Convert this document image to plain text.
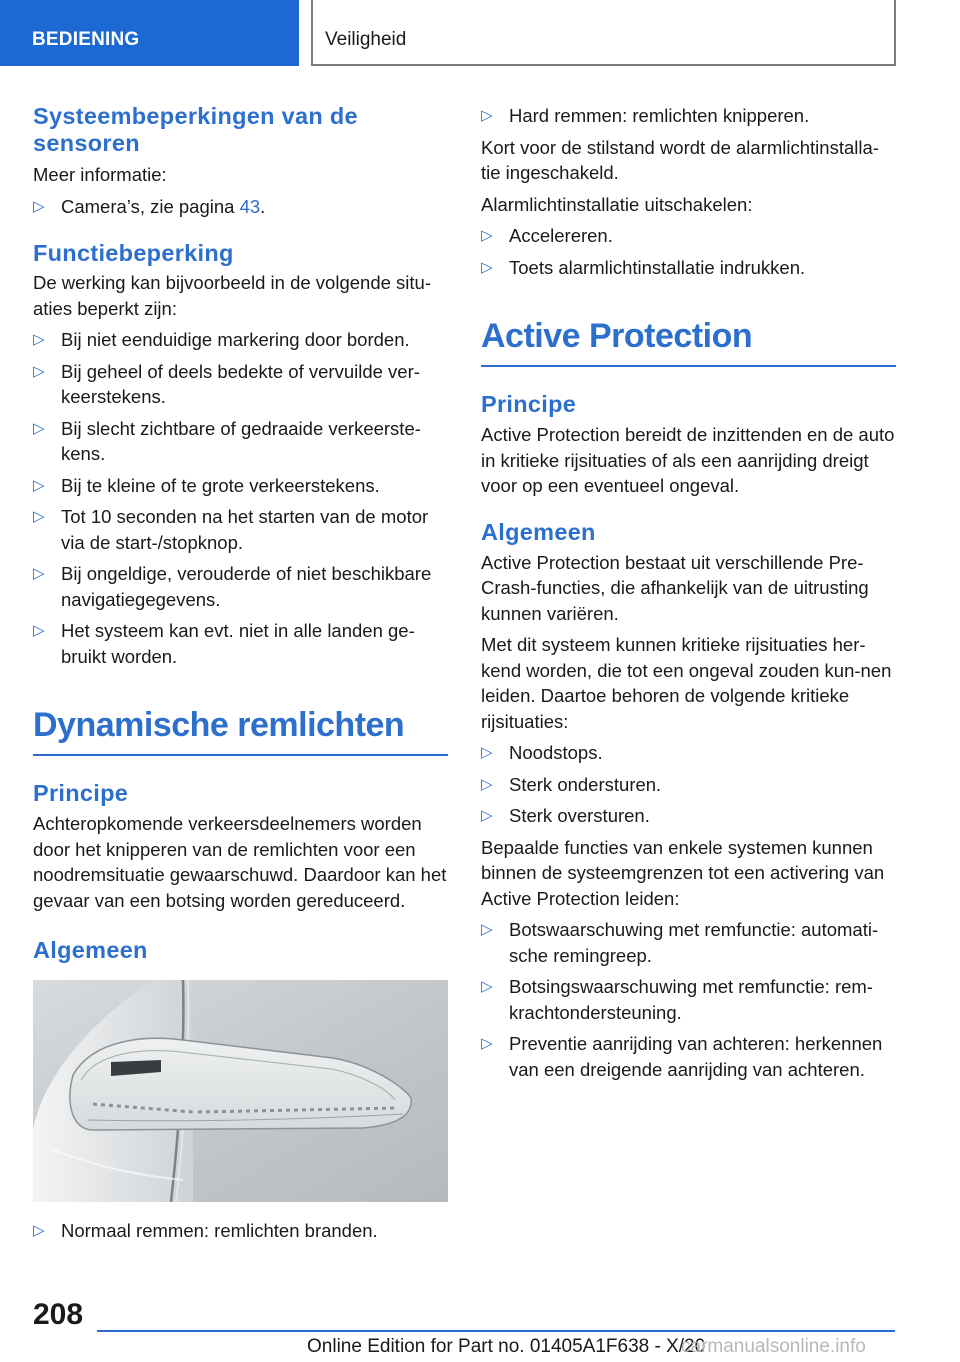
BEDIENING	Veiligheid
Systeembeperkingen van de sensoren

Meer informatie:

▷ Camera’s, zie pagina 43.
Functiebeperking

De werking kan bijvoorbeeld in de volgende situ‐aties beperkt zijn:

▷ Bij niet eenduidige markering door borden.
▷ Bij geheel of deels bedekte of vervuilde ver‐keerstekens.
▷ Bij slecht zichtbare of gedraaide verkeerste‐kens.
▷ Bij te kleine of te grote verkeerstekens.
▷ Tot 10 seconden na het starten van de motor via de start-/stopknop.
▷ Bij ongeldige, verouderde of niet beschikbare navigatiegegevens.
▷ Het systeem kan evt. niet in alle landen ge‐bruikt worden.
Dynamische remlichten
Principe

Achteropkomende verkeersdeelnemers worden door het knipperen van de remlichten voor een noodremsituatie gewaarschuwd. Daardoor kan het gevaar van een botsing worden gereduceerd.

Algemeen
▷ Normaal remmen: remlichten branden.
▷ Hard remmen: remlichten knipperen.

Kort voor de stilstand wordt de alarmlichtinstalla‐tie ingeschakeld.

Alarmlichtinstallatie uitschakelen:

▷ Accelereren.
▷ Toets alarmlichtinstallatie indrukken.
Active Protection
Principe

Active Protection bereidt de inzittenden en de auto in kritieke rijsituaties of als een aanrijding dreigt voor op een eventueel ongeval.

Algemeen

Active Protection bestaat uit verschillende Pre-Crash-functies, die afhankelijk van de uitrusting kunnen variëren.

Met dit systeem kunnen kritieke rijsituaties her‐kend worden, die tot een ongeval zouden kun‐nen leiden. Daartoe behoren de volgende kritieke rijsituaties:

▷ Noodstops.
▷ Sterk ondersturen.
▷ Sterk oversturen.

Bepaalde functies van enkele systemen kunnen binnen de systeemgrenzen tot een activering van Active Protection leiden:

▷ Botswaarschuwing met remfunctie: automati‐sche remingreep.
▷ Botsingswaarschuwing met remfunctie: rem‐krachtondersteuning.
▷ Preventie aanrijding van achteren: herkennen van een dreigende aanrijding van achteren.
208
Online Edition for Part no. 01405A1F638 - X/20
carmanualsonline.info
